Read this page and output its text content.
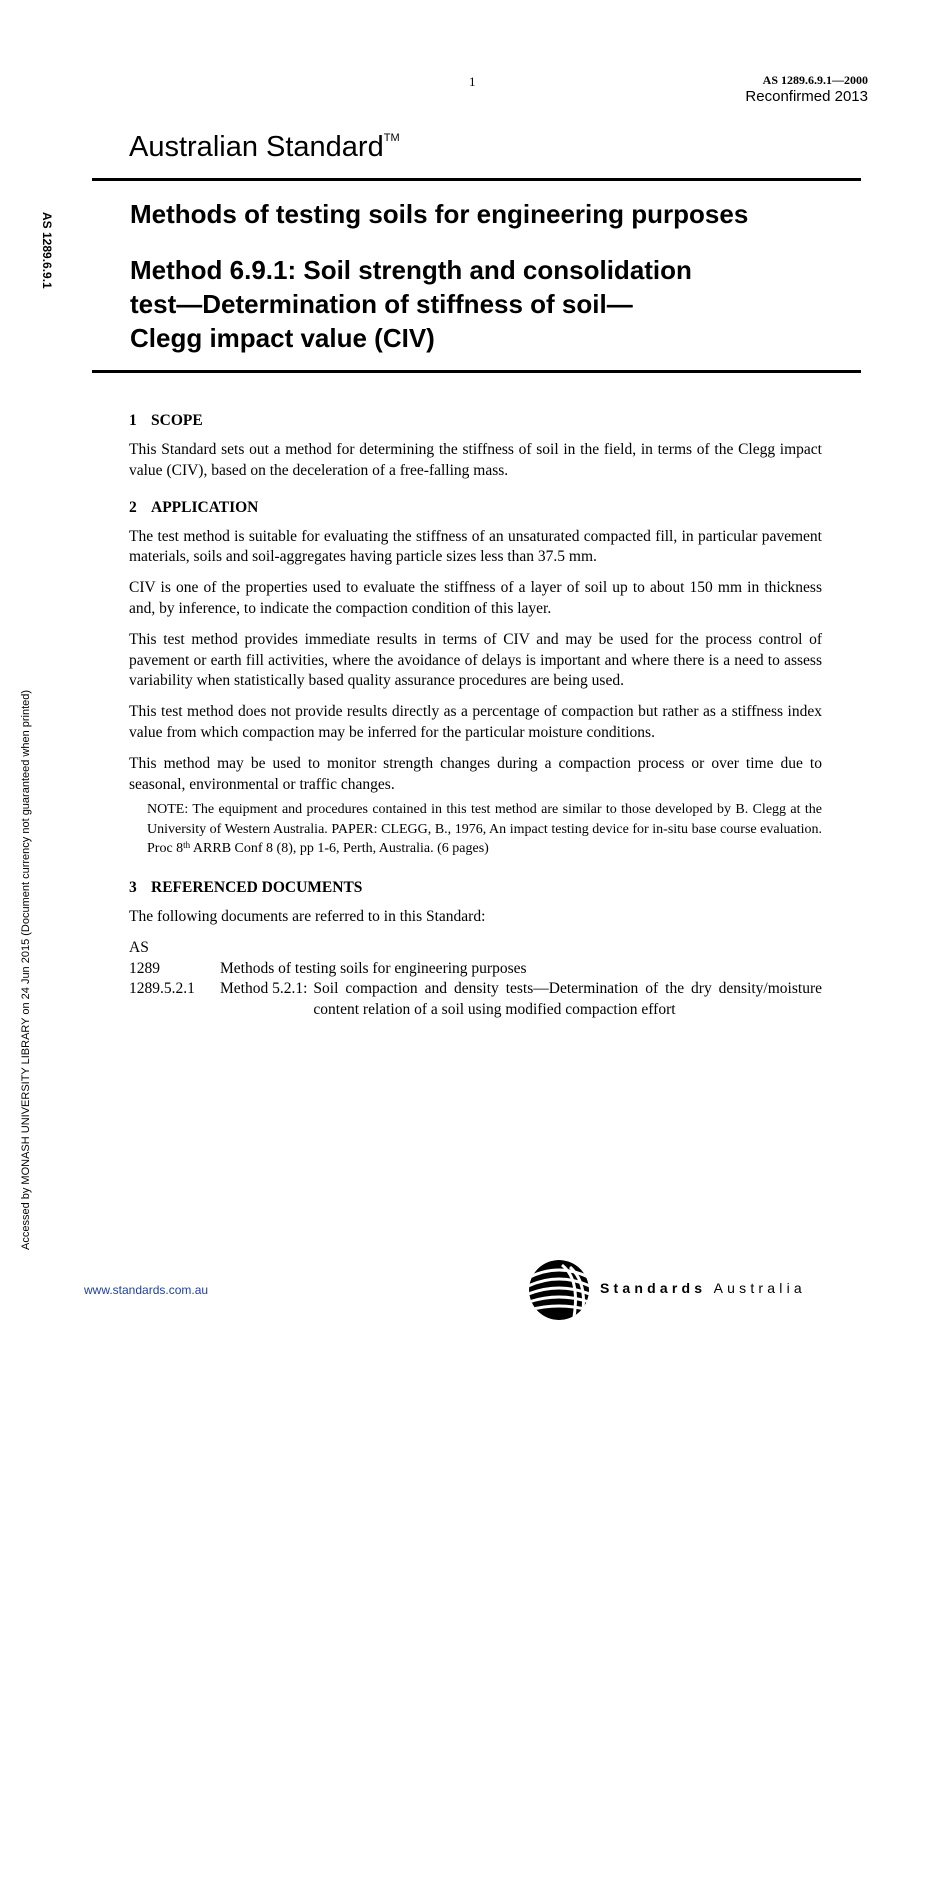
1	AS 1289.6.9.1—2000
Reconfirmed 2013
Australian Standard™
AS 1289.6.9.1
Accessed by MONASH UNIVERSITY LIBRARY on 24 Jun 2015 (Document currency not guaranteed when printed)
Methods of testing soils for engineering purposes
Method 6.9.1: Soil strength and consolidation
test—Determination of stiffness of soil—
Clegg impact value (CIV)
1 SCOPE

This Standard sets out a method for determining the stiffness of soil in the field, in terms of the Clegg impact value (CIV), based on the deceleration of a free-falling mass.

2 APPLICATION

The test method is suitable for evaluating the stiffness of an unsaturated compacted fill, in particular pavement materials, soils and soil-aggregates having particle sizes less than 37.5 mm.

CIV is one of the properties used to evaluate the stiffness of a layer of soil up to about 150 mm in thickness and, by inference, to indicate the compaction condition of this layer.

This test method provides immediate results in terms of CIV and may be used for the process control of pavement or earth fill activities, where the avoidance of delays is important and where there is a need to assess variability when statistically based quality assurance procedures are being used.

This test method does not provide results directly as a percentage of compaction but rather as a stiffness index value from which compaction may be inferred for the particular moisture conditions.

This method may be used to monitor strength changes during a compaction process or over time due to seasonal, environmental or traffic changes.

NOTE: The equipment and procedures contained in this test method are similar to those developed by B. Clegg at the University of Western Australia. PAPER: CLEGG, B., 1976, An impact testing device for in-situ base course evaluation. Proc 8th ARRB Conf 8 (8), pp 1-6, Perth, Australia. (6 pages)
3 REFERENCED DOCUMENTS

The following documents are referred to in this Standard:

AS
1289	Methods of testing soils for engineering purposes
1289.5.2.1	Method 5.2.1: Soil compaction and density tests—Determination of the dry density/moisture content relation of a soil using modified compaction effort
www.standards.com.au	Standards Australia
